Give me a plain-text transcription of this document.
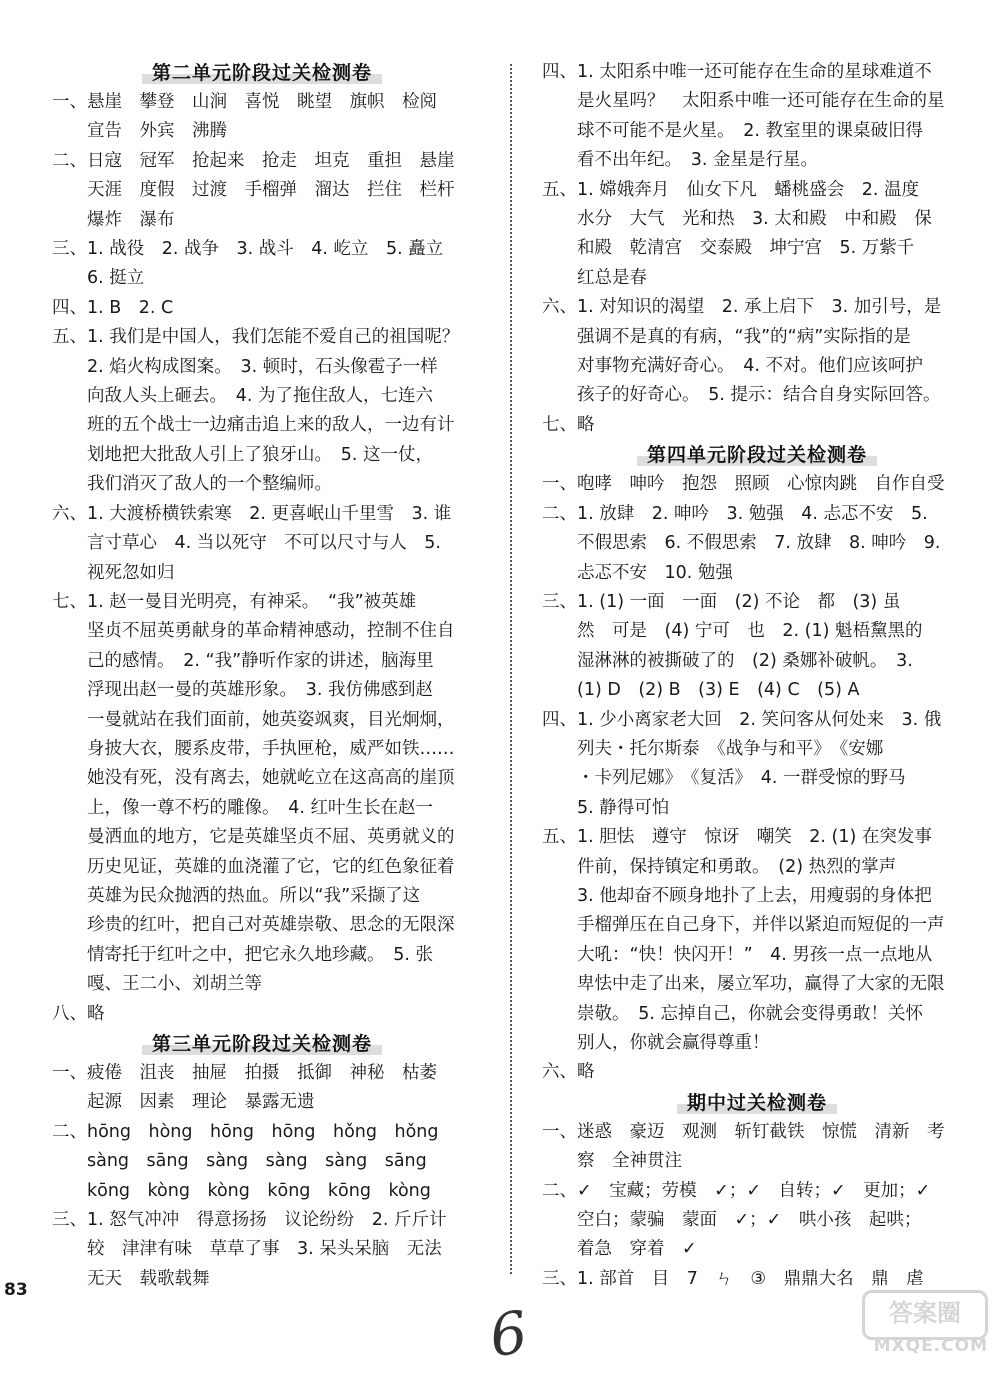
第二单元阶段过关检测卷
一、悬崖　攀登　山涧　喜悦　眺望　旗帜　检阅
　　宣告　外宾　沸腾
二、日寇　冠军　抢起来　抢走　坦克　重担　悬崖
　　天涯　度假　过渡　手榴弹　溜达　拦住　栏杆
　　爆炸　瀑布
三、1. 战役　2. 战争　3. 战斗　4. 屹立　5. 矗立
　　6. 挺立
四、1. B　2. C
五、1. 我们是中国人，我们怎能不爱自己的祖国呢？
　　2. 焰火构成图案。　3. 顿时，石头像雹子一样
　　向敌人头上砸去。　4. 为了拖住敌人，七连六
　　班的五个战士一边痛击追上来的敌人，一边有计
　　划地把大批敌人引上了狼牙山。　5. 这一仗，
　　我们消灭了敌人的一个整编师。
六、1. 大渡桥横铁索寒　2. 更喜岷山千里雪　3. 谁
　　言寸草心　4. 当以死守　不可以尺寸与人　5.
　　视死忽如归
七、1. 赵一曼目光明亮，有神采。　“我”被英雄
　　坚贞不屈英勇献身的革命精神感动，控制不住自
　　己的感情。　2. “我”静听作家的讲述，脑海里
　　浮现出赵一曼的英雄形象。　3. 我仿佛感到赵
　　一曼就站在我们面前，她英姿飒爽，目光炯炯，
　　身披大衣，腰系皮带，手执匣枪，威严如铁……
　　她没有死，没有离去，她就屹立在这高高的崖顶
　　上，像一尊不朽的雕像。　4. 红叶生长在赵一
　　曼洒血的地方，它是英雄坚贞不屈、英勇就义的
　　历史见证，英雄的血浇灌了它，它的红色象征着
　　英雄为民众抛洒的热血。所以“我”采撷了这
　　珍贵的红叶，把自己对英雄崇敬、思念的无限深
　　情寄托于红叶之中，把它永久地珍藏。　5. 张
　　嘎、王二小、刘胡兰等
八、略
第三单元阶段过关检测卷
一、疲倦　沮丧　抽屉　拍摄　抵御　神秘　枯萎
　　起源　因素　理论　暴露无遗
二、hōng　hòng　hōng　hōng　hǒng　hǒng
　　sàng　sāng　sàng　sàng　sàng　sāng
　　kōng　kòng　kòng　kōng　kōng　kòng
三、1. 怒气冲冲　得意扬扬　议论纷纷　2. 斤斤计
　　较　津津有味　草草了事　3. 呆头呆脑　无法
　　无天　载歌载舞
四、1. 太阳系中唯一还可能存在生命的星球难道不
　　是火星吗？　太阳系中唯一还可能存在生命的星
　　球不可能不是火星。　2. 教室里的课桌破旧得
　　看不出年纪。　3. 金星是行星。
五、1. 嫦娥奔月　仙女下凡　蟠桃盛会　2. 温度
　　水分　大气　光和热　3. 太和殿　中和殿　保
　　和殿　乾清宫　交泰殿　坤宁宫　5. 万紫千
　　红总是春
六、1. 对知识的渴望　2. 承上启下　3. 加引号，是
　　强调不是真的有病，“我”的“病”实际指的是
　　对事物充满好奇心。　4. 不对。他们应该呵护
　　孩子的好奇心。　5. 提示：结合自身实际回答。
七、略
第四单元阶段过关检测卷
一、咆哮　呻吟　抱怨　照顾　心惊肉跳　自作自受
二、1. 放肆　2. 呻吟　3. 勉强　4. 忐忑不安　5.
　　不假思索　6. 不假思索　7. 放肆　8. 呻吟　9.
　　忐忑不安　10. 勉强
三、1. (1) 一面　一面　(2) 不论　都　(3) 虽
　　然　可是　(4) 宁可　也　2. (1) 魁梧黧黑的
　　湿淋淋的被撕破了的　(2) 桑娜补破帆。　3.
　　(1) D　(2) B　(3) E　(4) C　(5) A
四、1. 少小离家老大回　2. 笑问客从何处来　3. 俄
　　列夫・托尔斯泰　《战争与和平》　《安娜
　　・卡列尼娜》　《复活》　4. 一群受惊的野马
　　5. 静得可怕
五、1. 胆怯　遵守　惊讶　嘲笑　2. (1) 在突发事
　　件前，保持镇定和勇敢。　(2) 热烈的掌声
　　3. 他却奋不顾身地扑了上去，用瘦弱的身体把
　　手榴弹压在自己身下，并伴以紧迫而短促的一声
　　大吼：“快！快闪开！”　4. 男孩一点一点地从
　　卑怯中走了出来，屡立军功，赢得了大家的无限
　　崇敬。　5. 忘掉自己，你就会变得勇敢！关怀
　　别人，你就会赢得尊重！
六、略
期中过关检测卷
一、迷惑　豪迈　观测　斩钉截铁　惊慌　清新　考
　　察　全神贯注
二、✓　宝藏；劳模　✓；✓　自转；✓　更加；✓
　　空白；蒙骗　蒙面　✓；✓　哄小孩　起哄；
　　着急　穿着　✓
三、1. 部首　目　7　ㄣ　③　鼎鼎大名　鼎　虐
83
6	答案圈
MXQE.COM
